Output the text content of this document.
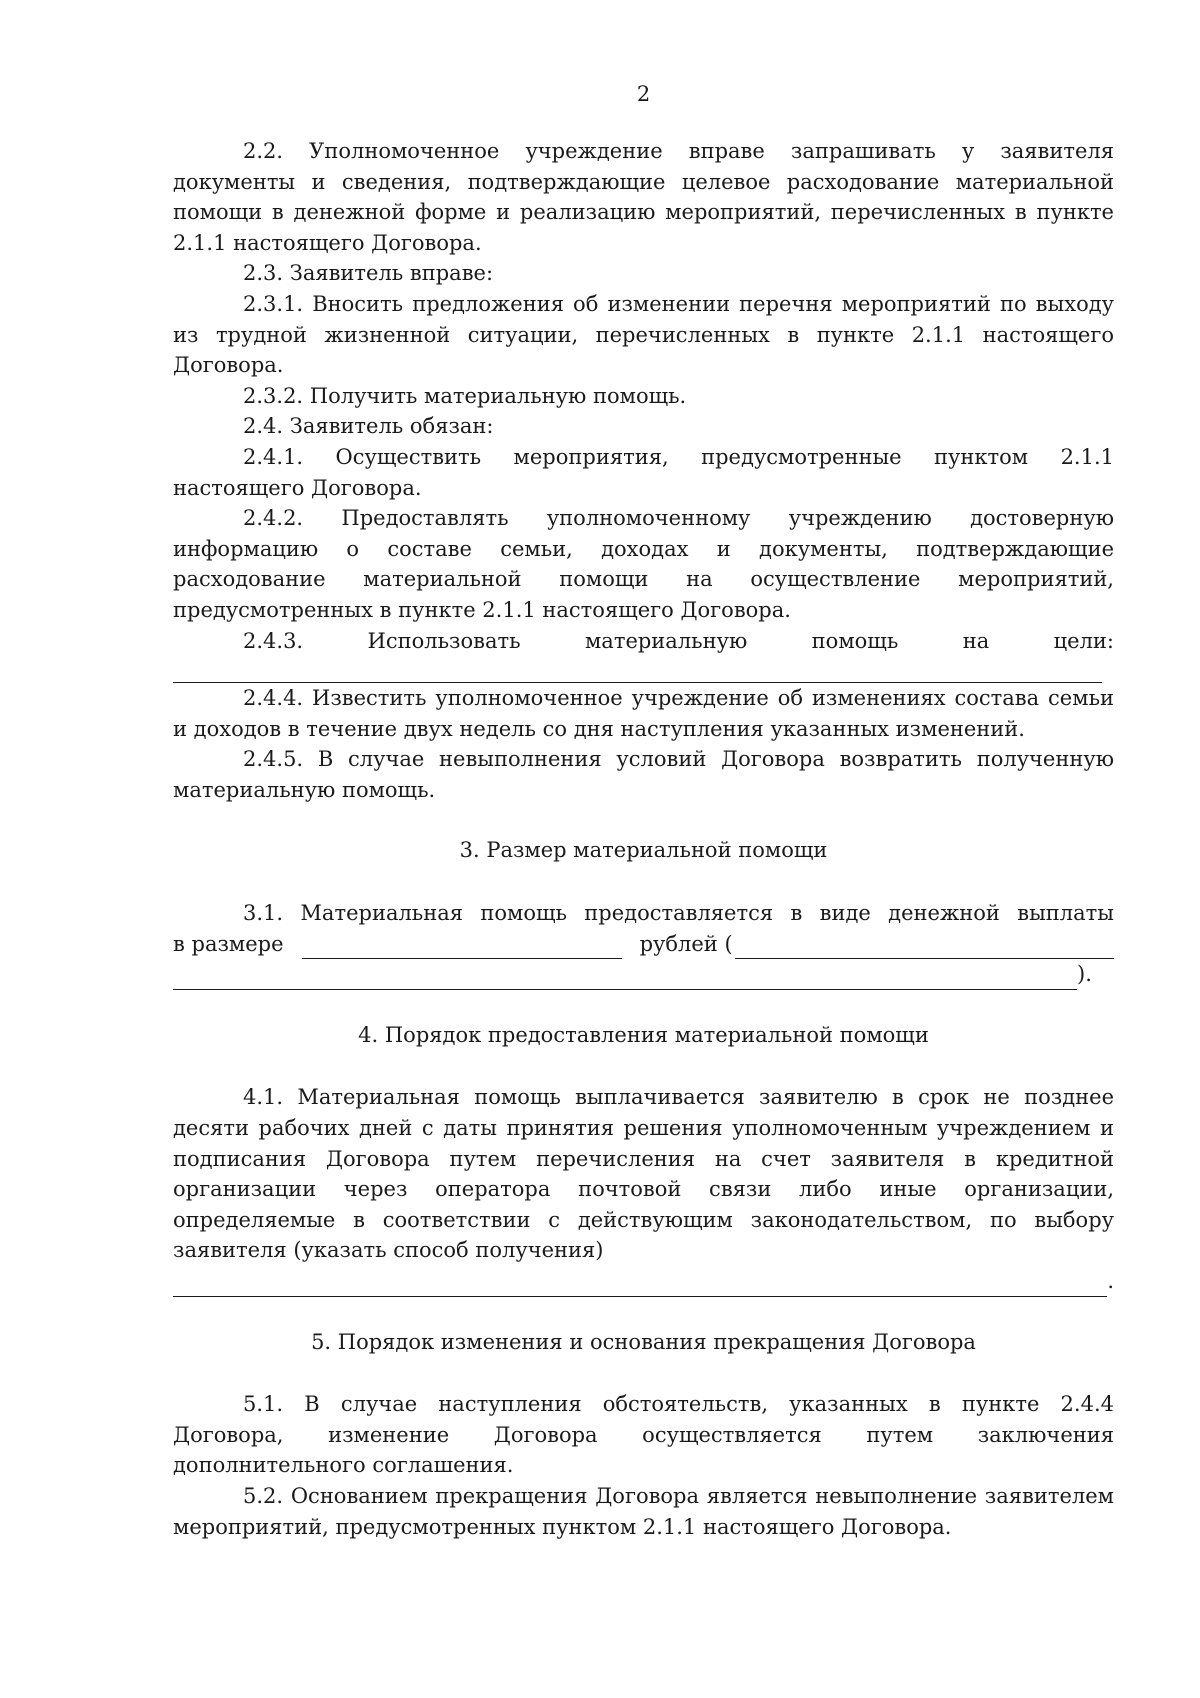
2

2.2. Уполномоченное учреждение вправе запрашивать у заявителя документы и сведения, подтверждающие целевое расходование материальной помощи в денежной форме и реализацию мероприятий, перечисленных в пункте 2.1.1 настоящего Договора.

2.3. Заявитель вправе:

2.3.1. Вносить предложения об изменении перечня мероприятий по выходу из трудной жизненной ситуации, перечисленных в пункте 2.1.1 настоящего Договора.

2.3.2. Получить материальную помощь.

2.4. Заявитель обязан:

2.4.1. Осуществить мероприятия, предусмотренные пунктом 2.1.1 настоящего Договора.

2.4.2. Предоставлять уполномоченному учреждению достоверную информацию о составе семьи, доходах и документы, подтверждающие расходование материальной помощи на осуществление мероприятий, предусмотренных в пункте 2.1.1 настоящего Договора.

2.4.3. Использовать материальную помощь на цели:

2.4.4. Известить уполномоченное учреждение об изменениях состава семьи и доходов в течение двух недель со дня наступления указанных изменений.

2.4.5. В случае невыполнения условий Договора возвратить полученную материальную помощь.

3. Размер материальной помощи

3.1. Материальная помощь предоставляется в виде денежной выплаты

в размере	рублей (
).

4. Порядок предоставления материальной помощи

4.1. Материальная помощь выплачивается заявителю в срок не позднее десяти рабочих дней с даты принятия решения уполномоченным учреждением и подписания Договора путем перечисления на счет заявителя в кредитной организации через оператора почтовой связи либо иные организации, определяемые в соответствии с действующим законодательством, по выбору заявителя (указать способ получения)

.

5. Порядок изменения и основания прекращения Договора

5.1. В случае наступления обстоятельств, указанных в пункте 2.4.4 Договора, изменение Договора осуществляется путем заключения дополнительного соглашения.

5.2. Основанием прекращения Договора является невыполнение заявителем мероприятий, предусмотренных пунктом 2.1.1 настоящего Договора.
